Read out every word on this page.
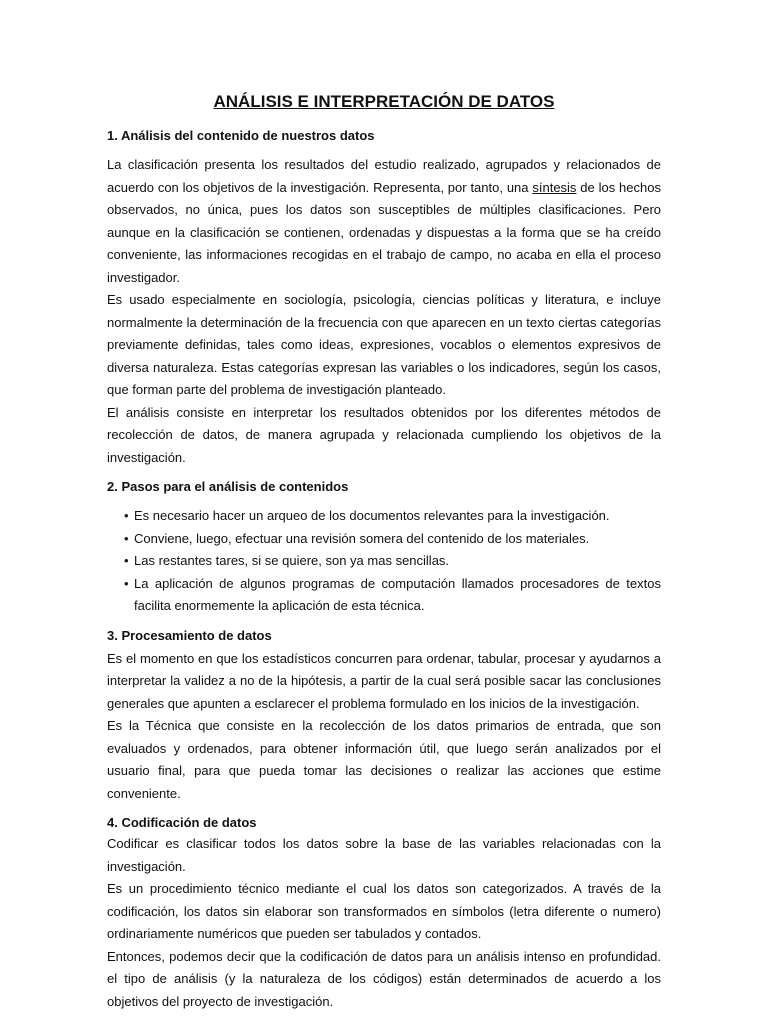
ANÁLISIS E INTERPRETACIÓN DE DATOS
1. Análisis del contenido de nuestros datos

La clasificación presenta los resultados del estudio realizado, agrupados y relacionados de acuerdo con los objetivos de la investigación. Representa, por tanto, una síntesis de los hechos observados, no única, pues los datos son susceptibles de múltiples clasificaciones. Pero aunque en la clasificación se contienen, ordenadas y dispuestas a la forma que se ha creído conveniente, las informaciones recogidas en el trabajo de campo, no acaba en ella el proceso investigador.

Es usado especialmente en sociología, psicología, ciencias políticas y literatura, e incluye normalmente la determinación de la frecuencia con que aparecen en un texto ciertas categorías previamente definidas, tales como ideas, expresiones, vocablos o elementos expresivos de diversa naturaleza. Estas categorías expresan las variables o los indicadores, según los casos, que forman parte del problema de investigación planteado.

El análisis consiste en interpretar los resultados obtenidos por los diferentes métodos de recolección de datos, de manera agrupada y relacionada cumpliendo los objetivos de la investigación.

2. Pasos para el análisis de contenidos
• Es necesario hacer un arqueo de los documentos relevantes para la investigación.
• Conviene, luego, efectuar una revisión somera del contenido de los materiales.
• Las restantes tares, si se quiere, son ya mas sencillas.
• La aplicación de algunos programas de computación llamados procesadores de textos facilita enormemente la aplicación de esta técnica.
3. Procesamiento de datos

Es el momento en que los estadísticos concurren para ordenar, tabular, procesar y ayudarnos a interpretar la validez a no de la hipótesis, a partir de la cual será posible sacar las conclusiones generales que apunten a esclarecer el problema formulado en los inicios de la investigación.

Es la Técnica que consiste en la recolección de los datos primarios de entrada, que son evaluados y ordenados, para obtener información útil, que luego serán analizados por el usuario final, para que pueda tomar las decisiones o realizar las acciones que estime conveniente.

4. Codificación de datos

Codificar es clasificar todos los datos sobre la base de las variables relacionadas con la investigación.

Es un procedimiento técnico mediante el cual los datos son categorizados. A través de la codificación, los datos sin elaborar son transformados en símbolos (letra diferente o numero) ordinariamente numéricos que pueden ser tabulados y contados.

Entonces, podemos decir que la codificación de datos para un análisis intenso en profundidad. el tipo de análisis (y la naturaleza de los códigos) están determinados de acuerdo a los objetivos del proyecto de investigación.
